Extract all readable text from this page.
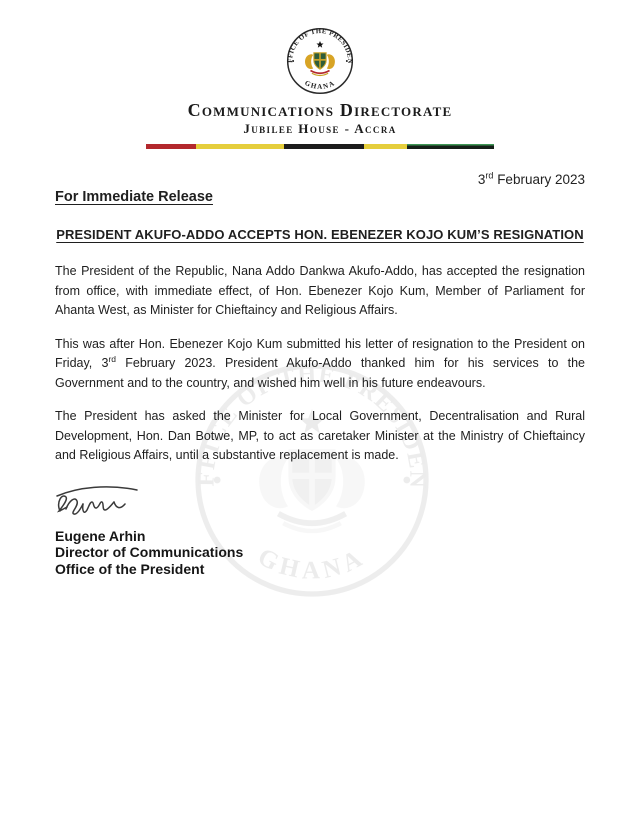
Communications Directorate
Jubilee House - Accra
3rd February 2023
For Immediate Release
PRESIDENT AKUFO-ADDO ACCEPTS HON. EBENEZER KOJO KUM’S RESIGNATION

The President of the Republic, Nana Addo Dankwa Akufo-Addo, has accepted the resignation from office, with immediate effect, of Hon. Ebenezer Kojo Kum, Member of Parliament for Ahanta West, as Minister for Chieftaincy and Religious Affairs.

This was after Hon. Ebenezer Kojo Kum submitted his letter of resignation to the President on Friday, 3rd February 2023. President Akufo-Addo thanked him for his services to the Government and to the country, and wished him well in his future endeavours.

The President has asked the Minister for Local Government, Decentralisation and Rural Development, Hon. Dan Botwe, MP, to act as caretaker Minister at the Ministry of Chieftaincy and Religious Affairs, until a substantive replacement is made.

Eugene Arhin
Director of Communications
Office of the President
